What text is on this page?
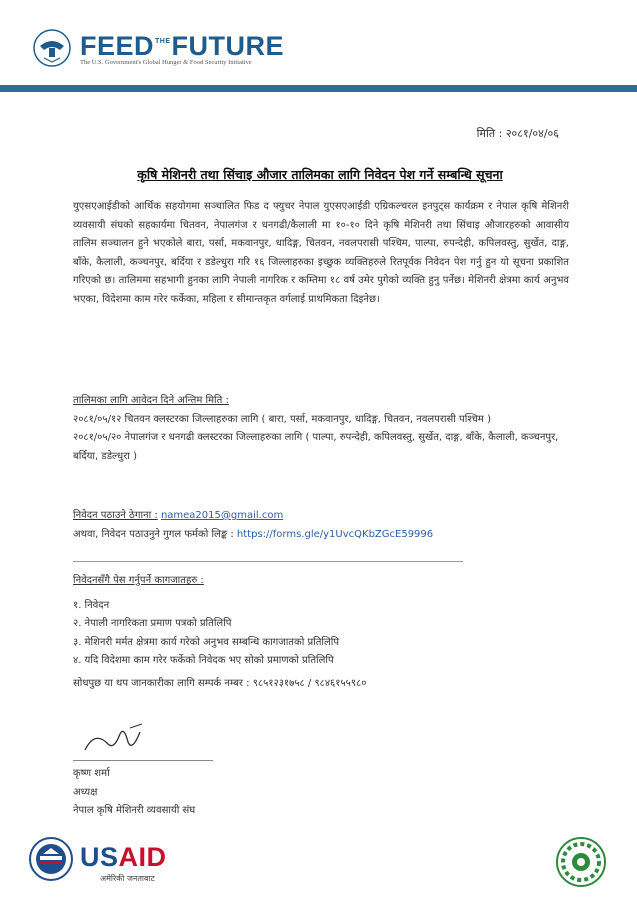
$FEED^{THE}FUTURE$
The U.S. Government's Global Hunger & Food Security Initiative
मिति : २०८१/०४/०६
कृषि मेशिनरी तथा सिंचाइ औजार तालिमका लागि निवेदन पेश गर्ने सम्बन्धि सूचना
युएसएआईडीको आर्थिक सहयोगमा सञ्चालित फिड द फ्युचर नेपाल युएसएआईडी एग्रिकल्चरल इनपुट्स कार्यक्रम र नेपाल कृषि मेशिनरी व्यवसायी संघको सहकार्यमा चितवन, नेपालगंज र धनगढी/कैलाली मा १०-१० दिने कृषि मेशिनरी तथा सिंचाइ औजारहरुको आवासीय तालिम सञ्चालन हुने भएकोले बारा, पर्सा, मकवानपुर, धादिङ्ग, चितवन, नवलपरासी पश्चिम, पाल्पा, रुपन्देही, कपिलवस्तु, सुर्खेत, दाङ्ग, बाँके, कैलाली, कञ्चनपुर, बर्दिया र डडेल्धुरा गरि १६ जिल्लाहरुका इच्छुक व्यक्तिहरुले रितपूर्वक निवेदन पेश गर्नु हुन यो सूचना प्रकाशित गरिएको छ। तालिममा सहभागी हुनका लागि नेपाली नागरिक र कम्तिमा १८ वर्ष उमेर पुगेको व्यक्ति हुनु पर्नेछ। मेशिनरी क्षेत्रमा कार्य अनुभव भएका, विदेशमा काम गरेर फर्केका, महिला र सीमान्तकृत वर्गलाई प्राथमिकता दिइनेछ।
तालिमका लागि आवेदन दिने अन्तिम मिति :
२०८१/०५/१२ चितवन क्लस्टरका जिल्लाहरुका लागि ( बारा, पर्सा, मकवानपुर, धादिङ्ग, चितवन, नवलपरासी पश्चिम )
२०८१/०५/२० नेपालगंज र धनगढी क्लस्टरका जिल्लाहरुका लागि ( पाल्पा, रुपन्देही, कपिलवस्तु, सुर्खेत, दाङ्ग, बाँके, कैलाली, कञ्चनपुर, बर्दिया, डडेल्धुरा )
निवेदन पठाउने ठेगाना : namea2015@gmail.com
अथवा, निवेदन पठाउनुने गुगल फर्मको लिङ्क : https://forms.gle/y1UvcQKbZGcE59996
निवेदनसँगै पेस गर्नुपर्ने कागजातहरु :
१. निवेदन
२. नेपाली नागरिकता प्रमाण पत्रको प्रतिलिपि
३. मेशिनरी मर्मत क्षेत्रमा कार्य गरेको अनुभव सम्बन्धि कागजातको प्रतिलिपि
४. यदि विदेशमा काम गरेर फर्केको निवेदक भए सोको प्रमाणको प्रतिलिपि
सोधपुछ या थप जानकारीका लागि सम्पर्क नम्बर : ९८५१२३१७५८ / ९८४६१५५९८०
कृष्ण शर्मा
अध्यक्ष
नेपाल कृषि मेशिनरी व्यवसायी संघ
USAID
अमेरिकी जनताबाट
